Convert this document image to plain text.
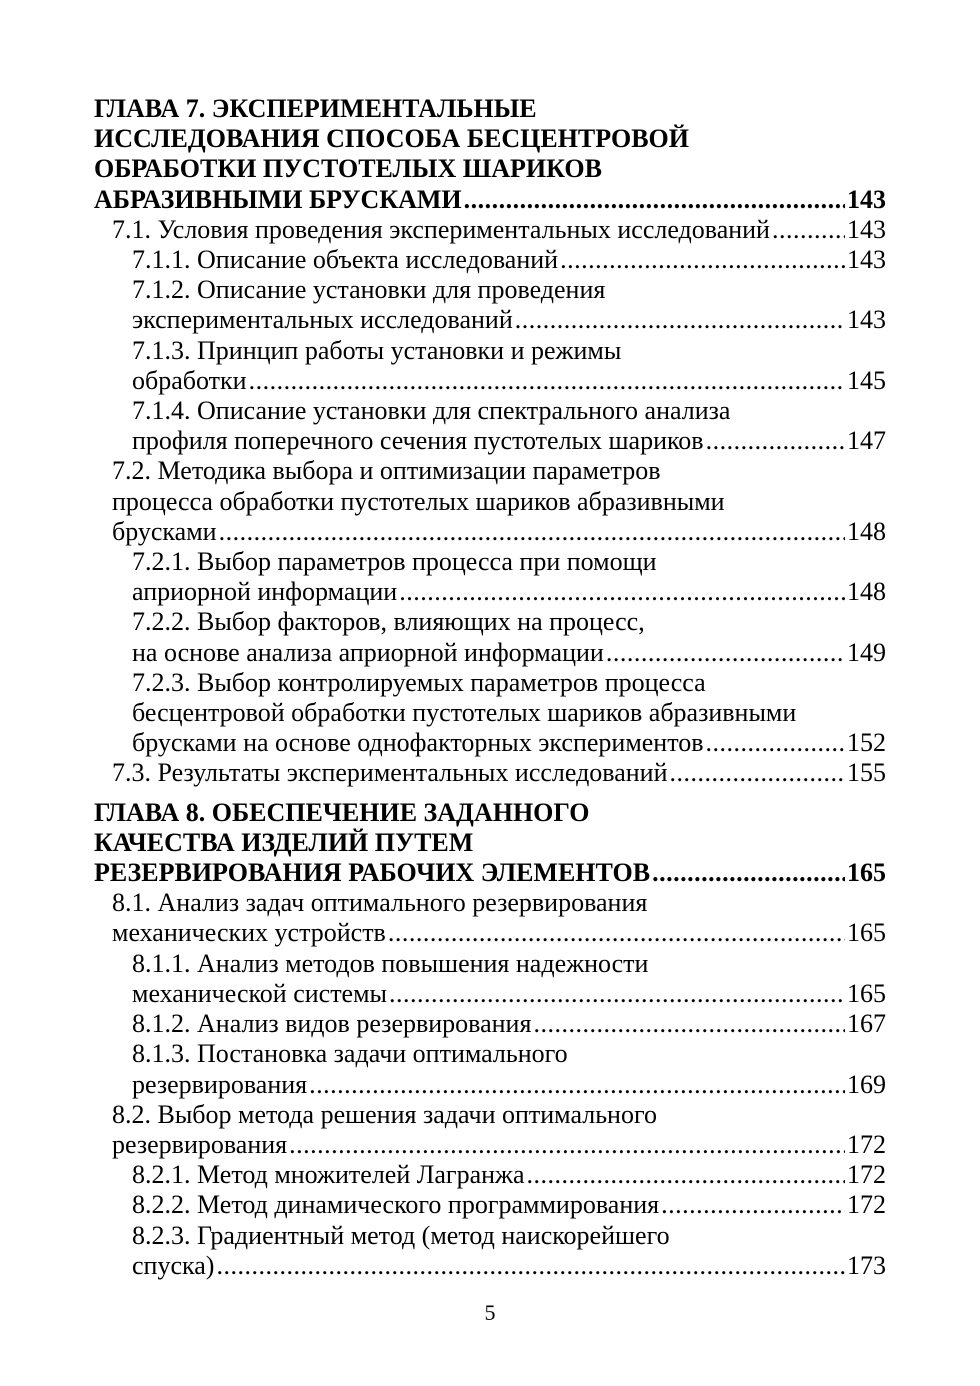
ГЛАВА 7. ЭКСПЕРИМЕНТАЛЬНЫЕ
ИССЛЕДОВАНИЯ СПОСОБА БЕСЦЕНТРОВОЙ
ОБРАБОТКИ ПУСТОТЕЛЫХ ШАРИКОВ
АБРАЗИВНЫМИ БРУСКАМИ .....	143
7.1. Условия проведения экспериментальных исследований .....	143
7.1.1. Описание объекта исследований .....	143
7.1.2. Описание установки для проведения
экспериментальных исследований .....	143
7.1.3. Принцип работы установки и режимы
обработки .....	145
7.1.4. Описание установки для спектрального анализа
профиля поперечного сечения пустотелых шариков .....	147
7.2. Методика выбора и оптимизации параметров
процесса обработки пустотелых шариков абразивными
брусками .....	148
7.2.1. Выбор параметров процесса при помощи
априорной информации .....	148
7.2.2. Выбор факторов, влияющих на процесс,
на основе анализа априорной информации .....	149
7.2.3. Выбор контролируемых параметров процесса
бесцентровой обработки пустотелых шариков абразивными
брусками на основе однофакторных экспериментов .....	152
7.3. Результаты экспериментальных исследований .....	155
ГЛАВА 8. ОБЕСПЕЧЕНИЕ ЗАДАННОГО
КАЧЕСТВА ИЗДЕЛИЙ ПУТЕМ
РЕЗЕРВИРОВАНИЯ РАБОЧИХ ЭЛЕМЕНТОВ .....	165
8.1. Анализ задач оптимального резервирования
механических устройств .....	165
8.1.1. Анализ методов повышения надежности
механической системы .....	165
8.1.2. Анализ видов резервирования .....	167
8.1.3. Постановка задачи оптимального
резервирования .....	169
8.2. Выбор метода решения задачи оптимального
резервирования .....	172
8.2.1. Метод множителей Лагранжа .....	172
8.2.2. Метод динамического программирования .....	172
8.2.3. Градиентный метод (метод наискорейшего
спуска) .....	173
5
